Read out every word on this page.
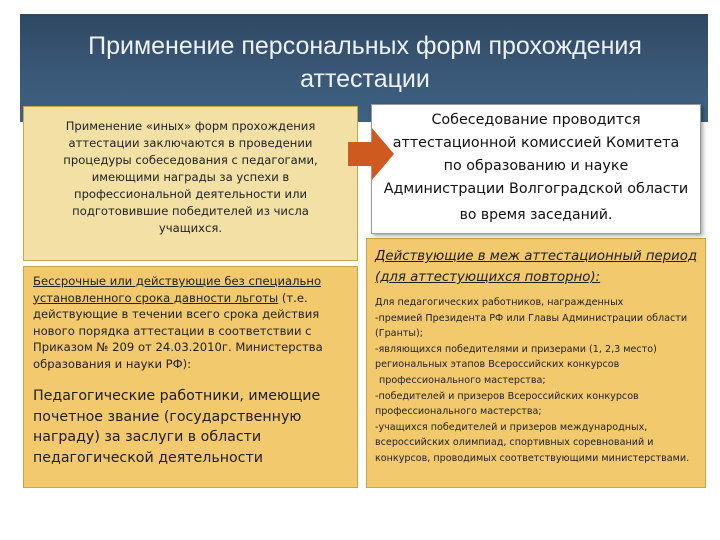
Применение персональных форм прохождения
аттестации
Применение «иных» форм прохождения аттестации заключаются в проведении процедуры собеседования с педагогами, имеющими награды за успехи в профессиональной деятельности или подготовившие победителей из числа учащихся.
Бессрочные или действующие без специально установленного срока давности льготы (т.е. действующие в течении всего срока действия нового порядка аттестации в соответствии с Приказом № 209 от 24.03.2010г. Министерства образования и науки РФ):
Педагогические работники, имеющие почетное звание (государственную награду) за заслуги в области педагогической деятельности
Действующие в меж аттестационный период (для аттестующихся повторно):
Для педагогических работников, награжденных
-премией Президента РФ или Главы Администрации области (Гранты);
-являющихся победителями и призерами (1, 2,3 место) региональных этапов Всероссийских конкурсов
профессионального мастерства;
-победителей и призеров Всероссийских конкурсов профессионального мастерства;
-учащихся победителей и призеров международных, всероссийских олимпиад, спортивных соревнований и конкурсов, проводимых соответствующими министерствами.
Собеседование проводится
аттестационной комиссией Комитета
по образованию и науке
Администрации Волгоградской области
во время заседаний.
